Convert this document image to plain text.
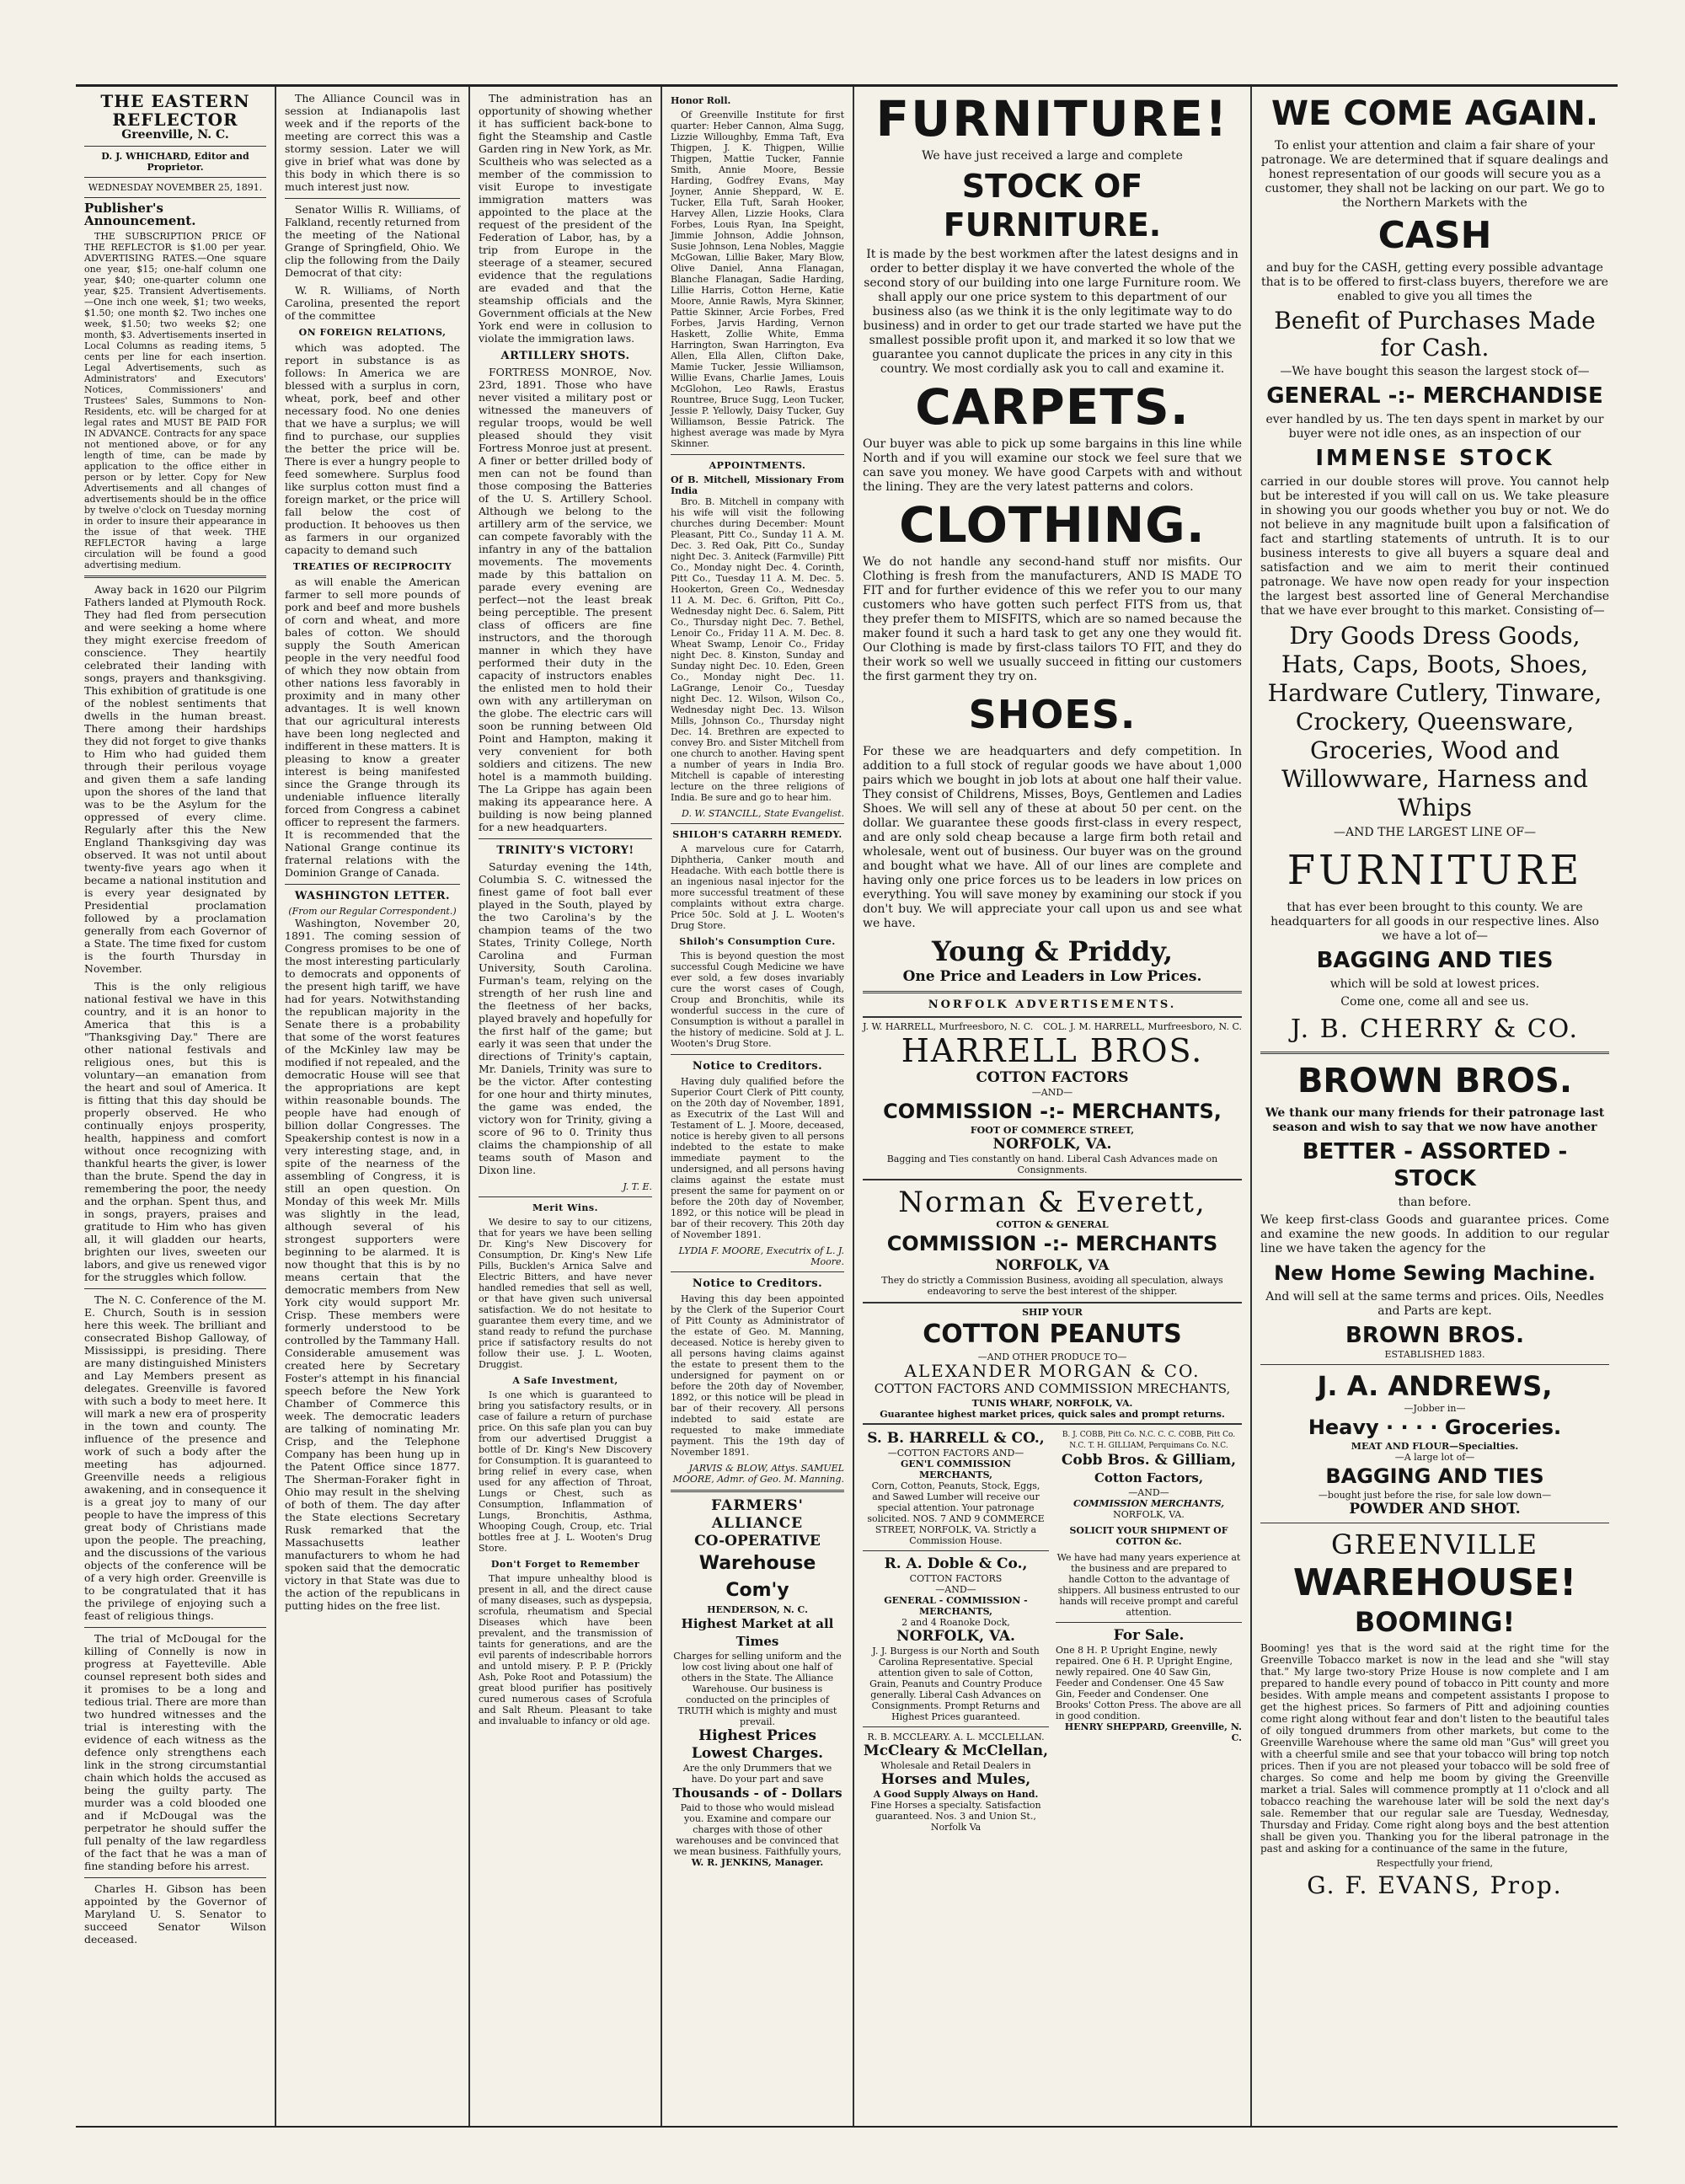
THE EASTERN REFLECTOR
Greenville, N. C.
D. J. WHICHARD, Editor and Proprietor.
WEDNESDAY NOVEMBER 25, 1891.
Publisher's Announcement.

THE SUBSCRIPTION PRICE OF THE REFLECTOR is $1.00 per year. ADVERTISING RATES.—One square one year, $15; one-half column one year, $40; one-quarter column one year, $25. Transient Advertisements.—One inch one week, $1; two weeks, $1.50; one month $2. Two inches one week, $1.50; two weeks $2; one month, $3. Advertisements inserted in Local Columns as reading items, 5 cents per line for each insertion. Legal Advertisements, such as Administrators' and Executors' Notices, Commissioners' and Trustees' Sales, Summons to Non-Residents, etc. will be charged for at legal rates and MUST BE PAID FOR IN ADVANCE. Contracts for any space not mentioned above, or for any length of time, can be made by application to the office either in person or by letter. Copy for New Advertisements and all changes of advertisements should be in the office by twelve o'clock on Tuesday morning in order to insure their appearance in the issue of that week. THE REFLECTOR having a large circulation will be found a good advertising medium.

Away back in 1620 our Pilgrim Fathers landed at Plymouth Rock. They had fled from persecution and were seeking a home where they might exercise freedom of conscience. They heartily celebrated their landing with songs, prayers and thanksgiving. This exhibition of gratitude is one of the noblest sentiments that dwells in the human breast. There among their hardships they did not forget to give thanks to Him who had guided them through their perilous voyage and given them a safe landing upon the shores of the land that was to be the Asylum for the oppressed of every clime. Regularly after this the New England Thanksgiving day was observed. It was not until about twenty-five years ago when it became a national institution and is every year designated by Presidential proclamation followed by a proclamation generally from each Governor of a State. The time fixed for custom is the fourth Thursday in November.

This is the only religious national festival we have in this country, and it is an honor to America that this is a "Thanksgiving Day." There are other national festivals and religious ones, but this is voluntary—an emanation from the heart and soul of America. It is fitting that this day should be properly observed. He who continually enjoys prosperity, health, happiness and comfort without once recognizing with thankful hearts the giver, is lower than the brute. Spend the day in remembering the poor, the needy and the orphan. Spent thus, and in songs, prayers, praises and gratitude to Him who has given all, it will gladden our hearts, brighten our lives, sweeten our labors, and give us renewed vigor for the struggles which follow.

The N. C. Conference of the M. E. Church, South is in session here this week. The brilliant and consecrated Bishop Galloway, of Mississippi, is presiding. There are many distinguished Ministers and Lay Members present as delegates. Greenville is favored with such a body to meet here. It will mark a new era of prosperity in the town and county. The influence of the presence and work of such a body after the meeting has adjourned. Greenville needs a religious awakening, and in consequence it is a great joy to many of our people to have the impress of this great body of Christians made upon the people. The preaching, and the discussions of the various objects of the conference will be of a very high order. Greenville is to be congratulated that it has the privilege of enjoying such a feast of religious things.

The trial of McDougal for the killing of Connelly is now in progress at Fayetteville. Able counsel represent both sides and it promises to be a long and tedious trial. There are more than two hundred witnesses and the trial is interesting with the evidence of each witness as the defence only strengthens each link in the strong circumstantial chain which holds the accused as being the guilty party. The murder was a cold blooded one and if McDougal was the perpetrator he should suffer the full penalty of the law regardless of the fact that he was a man of fine standing before his arrest.

Charles H. Gibson has been appointed by the Governor of Maryland U. S. Senator to succeed Senator Wilson deceased.

The Alliance Council was in session at Indianapolis last week and if the reports of the meeting are correct this was a stormy session. Later we will give in brief what was done by this body in which there is so much interest just now.

Senator Willis R. Williams, of Falkland, recently returned from the meeting of the National Grange of Springfield, Ohio. We clip the following from the Daily Democrat of that city:

W. R. Williams, of North Carolina, presented the report of the committee

ON FOREIGN RELATIONS,

which was adopted. The report in substance is as follows: In America we are blessed with a surplus in corn, wheat, pork, beef and other necessary food. No one denies that we have a surplus; we will find to purchase, our supplies the better the price will be. There is ever a hungry people to feed somewhere. Surplus food like surplus cotton must find a foreign market, or the price will fall below the cost of production. It behooves us then as farmers in our organized capacity to demand such

TREATIES OF RECIPROCITY

as will enable the American farmer to sell more pounds of pork and beef and more bushels of corn and wheat, and more bales of cotton. We should supply the South American people in the very needful food of which they now obtain from other nations less favorably in proximity and in many other advantages. It is well known that our agricultural interests have been long neglected and indifferent in these matters. It is pleasing to know a greater interest is being manifested since the Grange through its undeniable influence literally forced from Congress a cabinet officer to represent the farmers. It is recommended that the National Grange continue its fraternal relations with the Dominion Grange of Canada.

WASHINGTON LETTER.
(From our Regular Correspondent.)

Washington, November 20, 1891. The coming session of Congress promises to be one of the most interesting particularly to democrats and opponents of the present high tariff, we have had for years. Notwithstanding the republican majority in the Senate there is a probability that some of the worst features of the McKinley law may be modified if not repealed, and the democratic House will see that the appropriations are kept within reasonable bounds. The people have had enough of billion dollar Congresses. The Speakership contest is now in a very interesting stage, and, in spite of the nearness of the assembling of Congress, it is still an open question. On Monday of this week Mr. Mills was slightly in the lead, although several of his strongest supporters were beginning to be alarmed. It is now thought that this is by no means certain that the democratic members from New York city would support Mr. Crisp. These members were formerly understood to be controlled by the Tammany Hall. Considerable amusement was created here by Secretary Foster's attempt in his financial speech before the New York Chamber of Commerce this week. The democratic leaders are talking of nominating Mr. Crisp, and the Telephone Company has been hung up in the Patent Office since 1877. The Sherman-Foraker fight in Ohio may result in the shelving of both of them. The day after the State elections Secretary Rusk remarked that the Massachusetts leather manufacturers to whom he had spoken said that the democratic victory in that State was due to the action of the republicans in putting hides on the free list.

The administration has an opportunity of showing whether it has sufficient back-bone to fight the Steamship and Castle Garden ring in New York, as Mr. Scultheis who was selected as a member of the commission to visit Europe to investigate immigration matters was appointed to the place at the request of the president of the Federation of Labor, has, by a trip from Europe in the steerage of a steamer, secured evidence that the regulations are evaded and that the steamship officials and the Government officials at the New York end were in collusion to violate the immigration laws.

ARTILLERY SHOTS.

FORTRESS MONROE, Nov. 23rd, 1891. Those who have never visited a military post or witnessed the maneuvers of regular troops, would be well pleased should they visit Fortress Monroe just at present. A finer or better drilled body of men can not be found than those composing the Batteries of the U. S. Artillery School. Although we belong to the artillery arm of the service, we can compete favorably with the infantry in any of the battalion movements. The movements made by this battalion on parade every evening are perfect—not the least break being perceptible. The present class of officers are fine instructors, and the thorough manner in which they have performed their duty in the capacity of instructors enables the enlisted men to hold their own with any artilleryman on the globe. The electric cars will soon be running between Old Point and Hampton, making it very convenient for both soldiers and citizens. The new hotel is a mammoth building. The La Grippe has again been making its appearance here. A building is now being planned for a new headquarters.

TRINITY'S VICTORY!

Saturday evening the 14th, Columbia S. C. witnessed the finest game of foot ball ever played in the South, played by the two Carolina's by the champion teams of the two States, Trinity College, North Carolina and Furman University, South Carolina. Furman's team, relying on the strength of her rush line and the fleetness of her backs, played bravely and hopefully for the first half of the game; but early it was seen that under the directions of Trinity's captain, Mr. Daniels, Trinity was sure to be the victor. After contesting for one hour and thirty minutes, the game was ended, the victory won for Trinity, giving a score of 96 to 0. Trinity thus claims the championship of all teams south of Mason and Dixon line.

J. T. E.
Merit Wins.

We desire to say to our citizens, that for years we have been selling Dr. King's New Discovery for Consumption, Dr. King's New Life Pills, Bucklen's Arnica Salve and Electric Bitters, and have never handled remedies that sell as well, or that have given such universal satisfaction. We do not hesitate to guarantee them every time, and we stand ready to refund the purchase price if satisfactory results do not follow their use. J. L. Wooten, Druggist.

A Safe Investment,

Is one which is guaranteed to bring you satisfactory results, or in case of failure a return of purchase price. On this safe plan you can buy from our advertised Druggist a bottle of Dr. King's New Discovery for Consumption. It is guaranteed to bring relief in every case, when used for any affection of Throat, Lungs or Chest, such as Consumption, Inflammation of Lungs, Bronchitis, Asthma, Whooping Cough, Croup, etc. Trial bottles free at J. L. Wooten's Drug Store.

Don't Forget to Remember

That impure unhealthy blood is present in all, and the direct cause of many diseases, such as dyspepsia, scrofula, rheumatism and Special Diseases which have been prevalent, and the transmission of taints for generations, and are the evil parents of indescribable horrors and untold misery. P. P. P. (Prickly Ash, Poke Root and Potassium) the great blood purifier has positively cured numerous cases of Scrofula and Salt Rheum. Pleasant to take and invaluable to infancy or old age.

Honor Roll.

Of Greenville Institute for first quarter: Heber Cannon, Alma Sugg, Lizzie Willoughby, Emma Taft, Eva Thigpen, J. K. Thigpen, Willie Thigpen, Mattie Tucker, Fannie Smith, Annie Moore, Bessie Harding, Godfrey Evans, May Joyner, Annie Sheppard, W. E. Tucker, Ella Tuft, Sarah Hooker, Harvey Allen, Lizzie Hooks, Clara Forbes, Louis Ryan, Ina Speight, Jimmie Johnson, Addie Johnson, Susie Johnson, Lena Nobles, Maggie McGowan, Lillie Baker, Mary Blow, Olive Daniel, Anna Flanagan, Blanche Flanagan, Sadie Harding, Lillie Harris, Cotton Herne, Katie Moore, Annie Rawls, Myra Skinner, Pattie Skinner, Arcie Forbes, Fred Forbes, Jarvis Harding, Vernon Haskett, Zollie White, Emma Harrington, Swan Harrington, Eva Allen, Ella Allen, Clifton Dake, Mamie Tucker, Jessie Williamson, Willie Evans, Charlie James, Louis McGlohon, Leo Rawls, Erastus Rountree, Bruce Sugg, Leon Tucker, Jessie P. Yellowly, Daisy Tucker, Guy Williamson, Bessie Patrick. The highest average was made by Myra Skinner.

APPOINTMENTS.
Of B. Mitchell, Missionary From India

Bro. B. Mitchell in company with his wife will visit the following churches during December: Mount Pleasant, Pitt Co., Sunday 11 A. M. Dec. 3. Red Oak, Pitt Co., Sunday night Dec. 3. Aniteck (Farmville) Pitt Co., Monday night Dec. 4. Corinth, Pitt Co., Tuesday 11 A. M. Dec. 5. Hookerton, Green Co., Wednesday 11 A. M. Dec. 6. Grifton, Pitt Co., Wednesday night Dec. 6. Salem, Pitt Co., Thursday night Dec. 7. Bethel, Lenoir Co., Friday 11 A. M. Dec. 8. Wheat Swamp, Lenoir Co., Friday night Dec. 8. Kinston, Sunday and Sunday night Dec. 10. Eden, Green Co., Monday night Dec. 11. LaGrange, Lenoir Co., Tuesday night Dec. 12. Wilson, Wilson Co., Wednesday night Dec. 13. Wilson Mills, Johnson Co., Thursday night Dec. 14. Brethren are expected to convey Bro. and Sister Mitchell from one church to another. Having spent a number of years in India Bro. Mitchell is capable of interesting lecture on the three religions of India. Be sure and go to hear him.

D. W. STANCILL, State Evangelist.
SHILOH'S CATARRH REMEDY.

A marvelous cure for Catarrh, Diphtheria, Canker mouth and Headache. With each bottle there is an ingenious nasal injector for the more successful treatment of these complaints without extra charge. Price 50c. Sold at J. L. Wooten's Drug Store.

Shiloh's Consumption Cure.

This is beyond question the most successful Cough Medicine we have ever sold, a few doses invariably cure the worst cases of Cough, Croup and Bronchitis, while its wonderful success in the cure of Consumption is without a parallel in the history of medicine. Sold at J. L. Wooten's Drug Store.

Notice to Creditors.

Having duly qualified before the Superior Court Clerk of Pitt county, on the 20th day of November, 1891, as Executrix of the Last Will and Testament of L. J. Moore, deceased, notice is hereby given to all persons indebted to the estate to make immediate payment to the undersigned, and all persons having claims against the estate must present the same for payment on or before the 20th day of November, 1892, or this notice will be plead in bar of their recovery. This 20th day of November 1891.

LYDIA F. MOORE, Executrix of L. J. Moore.
Notice to Creditors.

Having this day been appointed by the Clerk of the Superior Court of Pitt County as Administrator of the estate of Geo. M. Manning, deceased. Notice is hereby given to all persons having claims against the estate to present them to the undersigned for payment on or before the 20th day of November, 1892, or this notice will be plead in bar of their recovery. All persons indebted to said estate are requested to make immediate payment. This the 19th day of November 1891.

JARVIS & BLOW, Attys. SAMUEL MOORE, Admr. of Geo. M. Manning.
FARMERS' ALLIANCE
CO-OPERATIVE
Warehouse Com'y
HENDERSON, N. C.
Highest Market at all Times
Charges for selling uniform and the low cost living about one half of others in the State. The Alliance Warehouse. Our business is conducted on the principles of TRUTH which is mighty and must prevail.
Highest Prices
Lowest Charges.
Are the only Drummers that we have. Do your part and save
Thousands - of - Dollars
Paid to those who would mislead you. Examine and compare our charges with those of other warehouses and be convinced that we mean business. Faithfully yours,
W. R. JENKINS, Manager.
FURNITURE!
We have just received a large and complete
STOCK OF FURNITURE.
It is made by the best workmen after the latest designs and in order to better display it we have converted the whole of the second story of our building into one large Furniture room. We shall apply our one price system to this department of our business also (as we think it is the only legitimate way to do business) and in order to get our trade started we have put the smallest possible profit upon it, and marked it so low that we guarantee you cannot duplicate the prices in any city in this country. We most cordially ask you to call and examine it.
CARPETS.
Our buyer was able to pick up some bargains in this line while North and if you will examine our stock we feel sure that we can save you money. We have good Carpets with and without the lining. They are the very latest patterns and colors.
CLOTHING.
We do not handle any second-hand stuff nor misfits. Our Clothing is fresh from the manufacturers, AND IS MADE TO FIT and for further evidence of this we refer you to our many customers who have gotten such perfect FITS from us, that they prefer them to MISFITS, which are so named because the maker found it such a hard task to get any one they would fit. Our Clothing is made by first-class tailors TO FIT, and they do their work so well we usually succeed in fitting our customers the first garment they try on.
SHOES.
For these we are headquarters and defy competition. In addition to a full stock of regular goods we have about 1,000 pairs which we bought in job lots at about one half their value. They consist of Childrens, Misses, Boys, Gentlemen and Ladies Shoes. We will sell any of these at about 50 per cent. on the dollar. We guarantee these goods first-class in every respect, and are only sold cheap because a large firm both retail and wholesale, went out of business. Our buyer was on the ground and bought what we have. All of our lines are complete and having only one price forces us to be leaders in low prices on everything. You will save money by examining our stock if you don't buy. We will appreciate your call upon us and see what we have.
Young & Priddy,
One Price and Leaders in Low Prices.
NORFOLK ADVERTISEMENTS.
J. W. HARRELL, Murfreesboro, N. C. COL. J. M. HARRELL, Murfreesboro, N. C.
HARRELL BROS.
COTTON FACTORS
—AND—
COMMISSION -:- MERCHANTS,
FOOT OF COMMERCE STREET,
NORFOLK, VA.
Bagging and Ties constantly on hand. Liberal Cash Advances made on Consignments.
Norman & Everett,
COTTON & GENERAL
COMMISSION -:- MERCHANTS
NORFOLK, VA
They do strictly a Commission Business, avoiding all speculation, always endeavoring to serve the best interest of the shipper.
SHIP YOUR
COTTON PEANUTS
—AND OTHER PRODUCE TO—
ALEXANDER MORGAN & CO.
COTTON FACTORS AND COMMISSION MRECHANTS,
TUNIS WHARF, NORFOLK, VA.
Guarantee highest market prices, quick sales and prompt returns.
S. B. HARRELL & CO.,
—COTTON FACTORS AND—
GEN'L COMMISSION MERCHANTS,
Corn, Cotton, Peanuts, Stock, Eggs, and Sawed Lumber will receive our special attention. Your patronage solicited. NOS. 7 AND 9 COMMERCE STREET, NORFOLK, VA. Strictly a Commission House.
R. A. Doble & Co.,
COTTON FACTORS
—AND—
GENERAL - COMMISSION - MERCHANTS,
2 and 4 Roanoke Dock,
NORFOLK, VA.
J. J. Burgess is our North and South Carolina Representative. Special attention given to sale of Cotton, Grain, Peanuts and Country Produce generally. Liberal Cash Advances on Consignments. Prompt Returns and Highest Prices guaranteed.
R. B. MCCLEARY. A. L. MCCLELLAN.
McCleary & McClellan,
Wholesale and Retail Dealers in
Horses and Mules,
A Good Supply Always on Hand.
Fine Horses a specialty. Satisfaction guaranteed. Nos. 3 and Union St., Norfolk Va
B. J. COBB, Pitt Co. N.C. C. C. COBB, Pitt Co. N.C. T. H. GILLIAM, Perquimans Co. N.C.
Cobb Bros. & Gilliam,
Cotton Factors,
—AND—
COMMISSION MERCHANTS,
NORFOLK, VA.
SOLICIT YOUR SHIPMENT OF COTTON &c.
We have had many years experience at the business and are prepared to handle Cotton to the advantage of shippers. All business entrusted to our hands will receive prompt and careful attention.
For Sale.
One 8 H. P. Upright Engine, newly repaired. One 6 H. P. Upright Engine, newly repaired. One 40 Saw Gin, Feeder and Condenser. One 45 Saw Gin, Feeder and Condenser. One Brooks' Cotton Press. The above are all in good condition.
HENRY SHEPPARD, Greenville, N. C.
WE COME AGAIN.
To enlist your attention and claim a fair share of your patronage. We are determined that if square dealings and honest representation of our goods will secure you as a customer, they shall not be lacking on our part. We go to the Northern Markets with the
CASH
and buy for the CASH, getting every possible advantage that is to be offered to first-class buyers, therefore we are enabled to give you all times the
Benefit of Purchases Made for Cash.
—We have bought this season the largest stock of—
GENERAL -:- MERCHANDISE
ever handled by us. The ten days spent in market by our buyer were not idle ones, as an inspection of our
IMMENSE STOCK
carried in our double stores will prove. You cannot help but be interested if you will call on us. We take pleasure in showing you our goods whether you buy or not. We do not believe in any magnitude built upon a falsification of fact and startling statements of untruth. It is to our business interests to give all buyers a square deal and satisfaction and we aim to merit their continued patronage. We have now open ready for your inspection the largest best assorted line of General Merchandise that we have ever brought to this market. Consisting of—
Dry Goods Dress Goods, Hats, Caps, Boots, Shoes, Hardware Cutlery, Tinware, Crockery, Queensware, Groceries, Wood and Willowware, Harness and Whips
—AND THE LARGEST LINE OF—
FURNITURE
that has ever been brought to this county. We are headquarters for all goods in our respective lines. Also we have a lot of—
BAGGING AND TIES
which will be sold at lowest prices.
Come one, come all and see us.
J. B. CHERRY & CO.
BROWN BROS.
We thank our many friends for their patronage last season and wish to say that we now have another
BETTER - ASSORTED - STOCK
than before.
We keep first-class Goods and guarantee prices. Come and examine the new goods. In addition to our regular line we have taken the agency for the
New Home Sewing Machine.
And will sell at the same terms and prices. Oils, Needles and Parts are kept.
BROWN BROS.
ESTABLISHED 1883.
J. A. ANDREWS,
—Jobber in—
Heavy · · · · Groceries.
MEAT AND FLOUR—Specialties.
—A large lot of—
BAGGING AND TIES
—bought just before the rise, for sale low down—
POWDER AND SHOT.
GREENVILLE
WAREHOUSE!
BOOMING!
Booming! yes that is the word said at the right time for the Greenville Tobacco market is now in the lead and she "will stay that." My large two-story Prize House is now complete and I am prepared to handle every pound of tobacco in Pitt county and more besides. With ample means and competent assistants I propose to get the highest prices. So farmers of Pitt and adjoining counties come right along without fear and don't listen to the beautiful tales of oily tongued drummers from other markets, but come to the Greenville Warehouse where the same old man "Gus" will greet you with a cheerful smile and see that your tobacco will bring top notch prices. Then if you are not pleased your tobacco will be sold free of charges. So come and help me boom by giving the Greenville market a trial. Sales will commence promptly at 11 o'clock and all tobacco reaching the warehouse later will be sold the next day's sale. Remember that our regular sale are Tuesday, Wednesday, Thursday and Friday. Come right along boys and the best attention shall be given you. Thanking you for the liberal patronage in the past and asking for a continuance of the same in the future,
Respectfully your friend,
G. F. EVANS, Prop.
